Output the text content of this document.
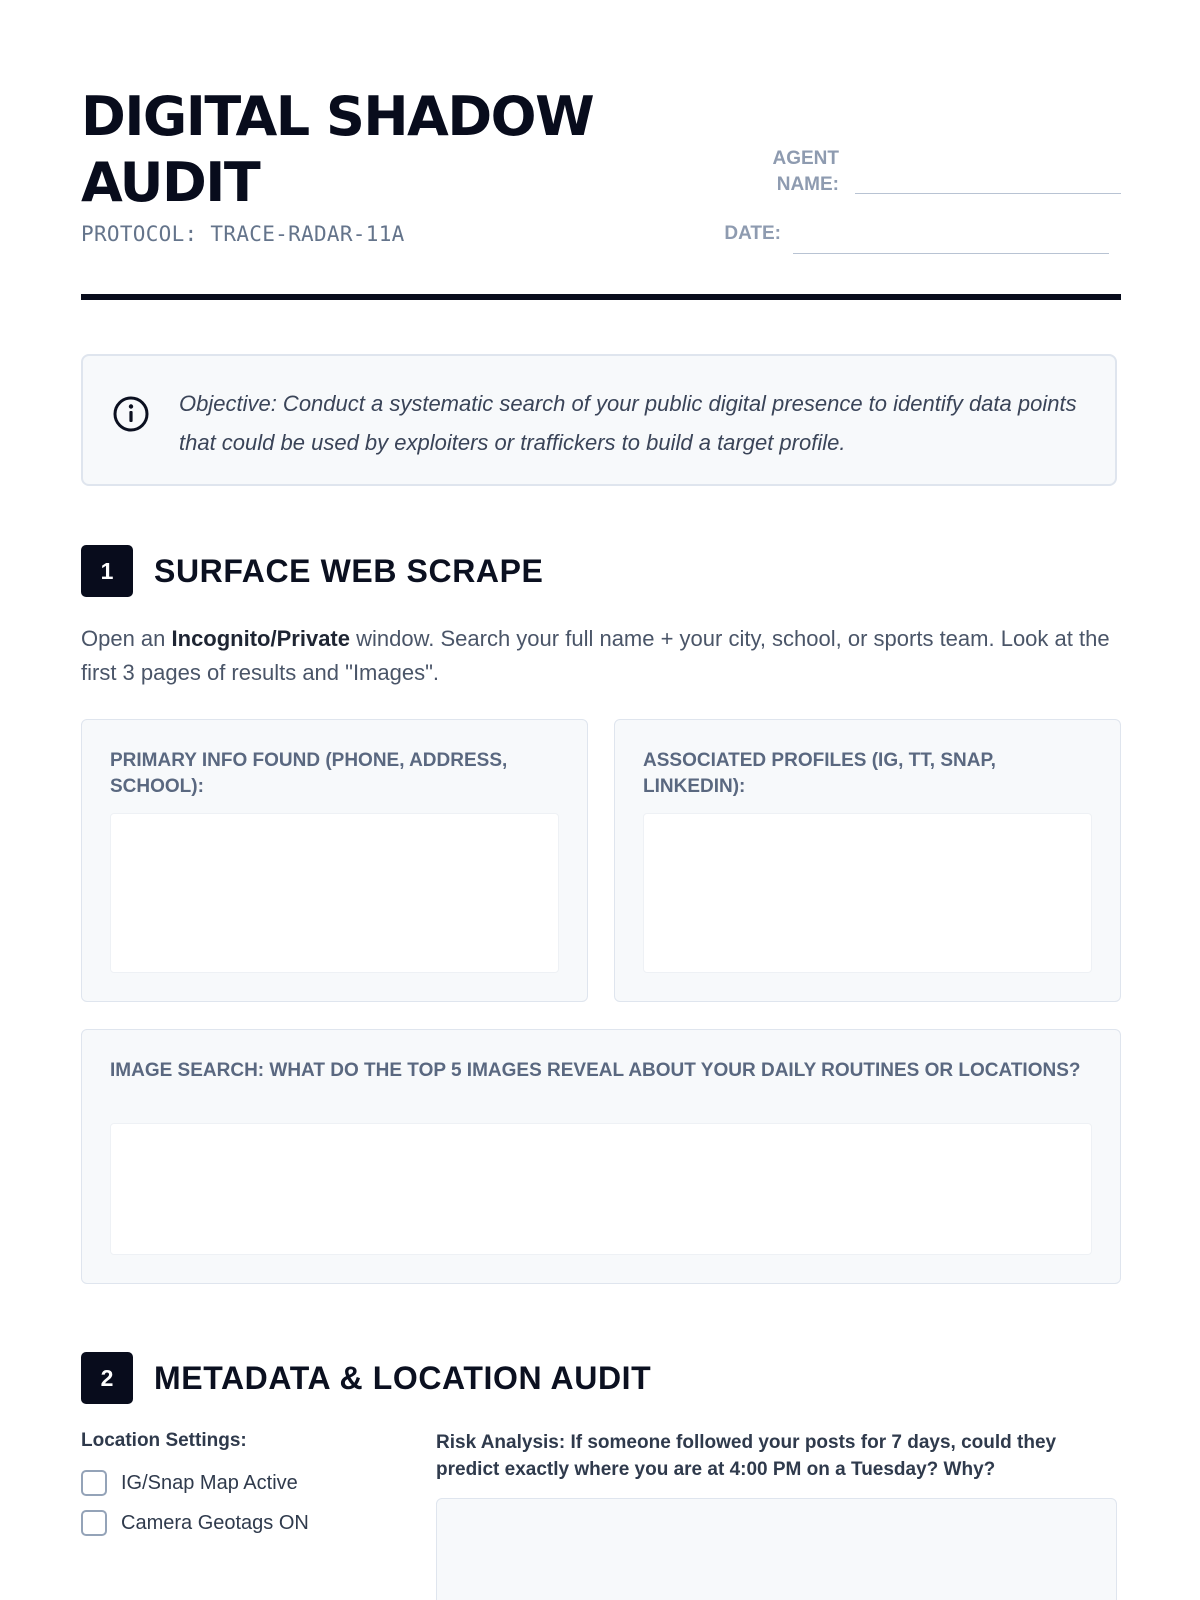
DIGITAL SHADOW AUDIT
PROTOCOL: TRACE-RADAR-11A
AGENT NAME:
DATE:
Objective: Conduct a systematic search of your public digital presence to identify data points that could be used by exploiters or traffickers to build a target profile.
1	SURFACE WEB SCRAPE
Open an Incognito/Private window. Search your full name + your city, school, or sports team. Look at the first 3 pages of results and "Images".
PRIMARY INFO FOUND (PHONE, ADDRESS, SCHOOL):
ASSOCIATED PROFILES (IG, TT, SNAP, LINKEDIN):
IMAGE SEARCH: WHAT DO THE TOP 5 IMAGES REVEAL ABOUT YOUR DAILY ROUTINES OR LOCATIONS?
2	METADATA & LOCATION AUDIT
Location Settings:
IG/Snap Map Active
Camera Geotags ON
Risk Analysis: If someone followed your posts for 7 days, could they predict exactly where you are at 4:00 PM on a Tuesday? Why?
